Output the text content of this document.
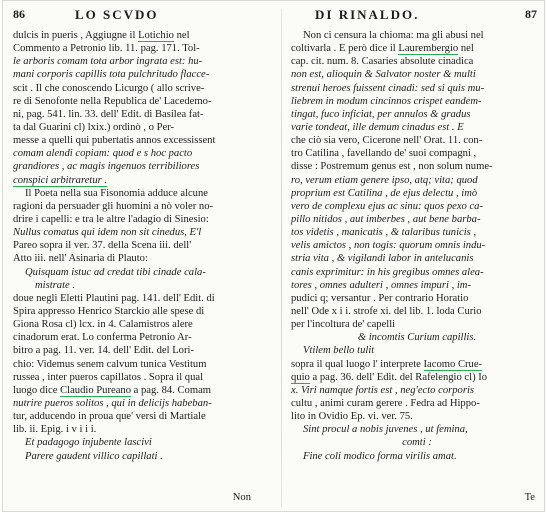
86	LO SCVDO
dulcis in pueris , Aggiugne il Lotichio nel
Commento a Petronio lib. 11. pag. 171. Tol-
le arboris comam tota arbor ingrata est: hu-
mani corporis capillis tota pulchritudo flacce-
scit . Il che conoscendo Licurgo ( allo scrive-
re di Senofonte nella Republica de' Lacedemo-
ni, pag. 541. lin. 33. dell' Edit. di Basilea fat-
ta dal Guarini cl) lxix.) ordinò , o Per-
messe a quelli qui pubertatis annos excessissent
comam alendi copiam: quod e s hoc pacto
grandiores , ac magis ingenuos terribiliores
conspici arbitraretur .
Il Poeta nella sua Fisonomia adduce alcune
ragioni da persuader gli huomini a nò voler no-
drire i capelli: e tra le altre l'adagio di Sinesio:
Nullus comatus qui idem non sit cinedus, E'l
Pareo sopra il ver. 37. della Scena iii. dell'
Atto iii. nell' Asinaria di Plauto:
Quisquam istuc ad credat tibi cinade cala-
mistrate .
doue negli Eletti Plautini pag. 141. dell' Edit. di
Spira appresso Henrico Starckio alle spese di
Giona Rosa cl) lcx. in 4. Calamistros alere
cinadorum erat. Lo conferma Petronio Ar-
bitro a pag. 11. ver. 14. dell' Edit. del Lori-
chio: Videmus senem calvum tunica Vestitum
russea , inter pueros capillatos . Sopra il qual
luogo dice Claudio Pureano a pag. 84. Comam
nutrire pueros solitos , qui in delicijs habeban-
tur, adducendo in proua que' versi di Martiale
lib. ii. Epig. i v i i i.
Et padagogo injubente lascivi
Parere gaudent villico capillati .
Non
DI RINALDO.	87
Non ci censura la chioma: ma gli abusi nel
coltivarla . E però dice il Laurembergio nel
cap. cit. num. 8. Casaries absolute cinadica
non est, alioquin & Salvator noster & multi
strenui heroes fuissent cinadi: sed si quis mu-
liebrem in modum cincinnos crispet eandem-
tingat, fuco inficiat, per annulos & gradus
varie tondeat, ille demum cinadus est . E
che ciò sia vero, Cicerone nell' Orat. 11. con-
tro Catilina , favellando de' suoi compagni ,
disse : Postremum genus est , non solum nume-
ro, verum etiam genere ipso, atq; vita; quod
proprium est Catilina , de ejus delectu , imò
vero de complexu ejus ac sinu: quos pexo ca-
pillo nitidos , aut imberbes , aut bene barba-
tos videtis , manicatis , & talaribus tunicis ,
velis amictos , non togis: quorum omnis indu-
stria vita , & vigilandi labor in antelucanis
canis exprimitur: in his gregibus omnes alea-
tores , omnes adulteri , omnes impuri , im-
pudici q; versantur . Per contrario Horatio
nell' Ode x i i. strofe xi. del lib. 1. loda Curio
per l'incoltura de' capelli
& incomtis Curium capillis.
Vtilem bello tulit
sopra il qual luogo l' interprete Iacomo Crue-
quio a pag. 36. dell' Edit. del Rafelengio cl) Io
x. Viri namque fortis est , neg'ecto corporis
cultu , animi curam gerere . Fedra ad Hippo-
lito in Ovidio Ep. vi. ver. 75.
Sint procul a nobis juvenes , ut femina,
comti :
Fine coli modico forma virilis amat.
Te
